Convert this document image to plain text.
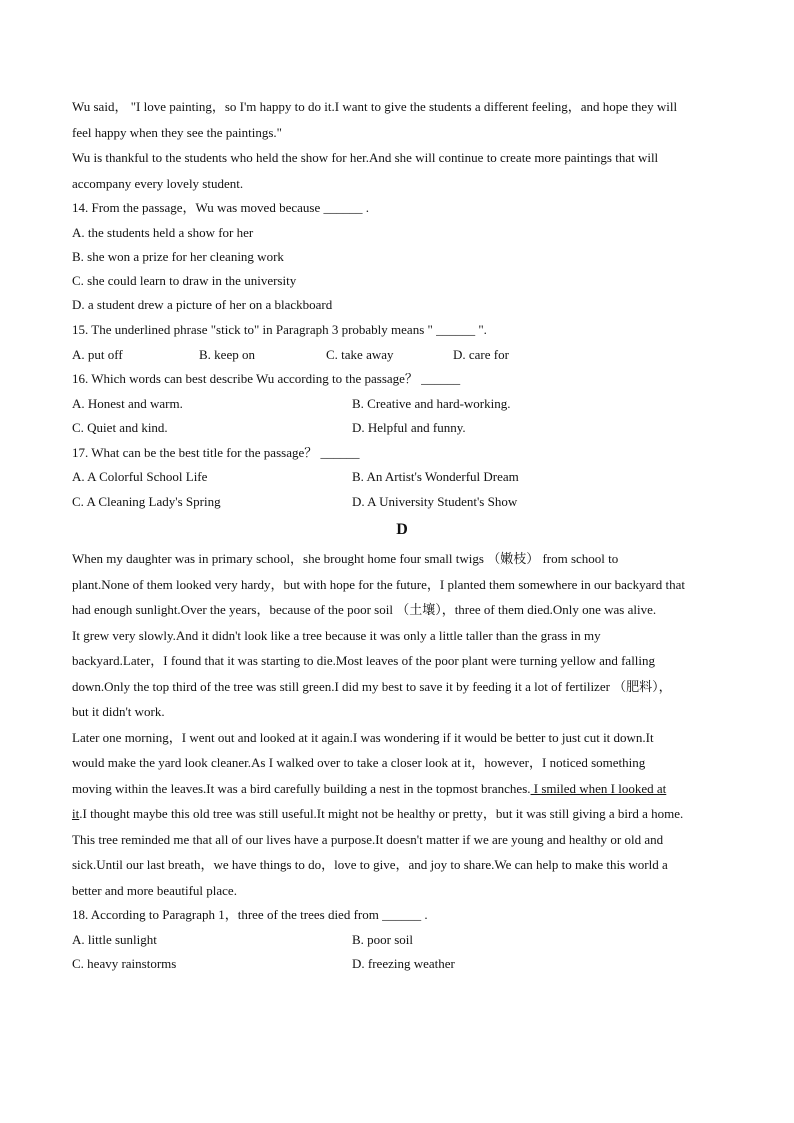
Wu said， "I love painting，so I'm happy to do it.I want to give the students a different feeling，and hope they will

feel happy when they see the paintings."

Wu is thankful to the students who held the show for her.And she will continue to create more paintings that will

accompany every lovely student.

14. From the passage，Wu was moved because ______ .

A. the students held a show for her

B. she won a prize for her cleaning work

C. she could learn to draw in the university

D. a student drew a picture of her on a blackboard

15. The underlined phrase "stick to" in Paragraph 3 probably means " ______ ".

A. put off	B. keep on	C. take away	D. care for

16. Which words can best describe Wu according to the passage？ ______

A. Honest and warm.	B. Creative and hard-working.
C. Quiet and kind.	D. Helpful and funny.

17. What can be the best title for the passage？ ______

A. A Colorful School Life	B. An Artist's Wonderful Dream
C. A Cleaning Lady's Spring	D. A University Student's Show

D

When my daughter was in primary school，she brought home four small twigs （嫩枝） from school to

plant.None of them looked very hardy，but with hope for the future，I planted them somewhere in our backyard that

had enough sunlight.Over the years，because of the poor soil （土壤），three of them died.Only one was alive.

It grew very slowly.And it didn't look like a tree because it was only a little taller than the grass in my

backyard.Later，I found that it was starting to die.Most leaves of the poor plant were turning yellow and falling

down.Only the top third of the tree was still green.I did my best to save it by feeding it a lot of fertilizer （肥料），

but it didn't work.

Later one morning，I went out and looked at it again.I was wondering if it would be better to just cut it down.It

would make the yard look cleaner.As I walked over to take a closer look at it，however，I noticed something

moving within the leaves.It was a bird carefully building a nest in the topmost branches. I smiled when I looked at

it.I thought maybe this old tree was still useful.It might not be healthy or pretty，but it was still giving a bird a home.

This tree reminded me that all of our lives have a purpose.It doesn't matter if we are young and healthy or old and

sick.Until our last breath，we have things to do，love to give，and joy to share.We can help to make this world a

better and more beautiful place.

18. According to Paragraph 1，three of the trees died from ______ .

A. little sunlight	B. poor soil
C. heavy rainstorms	D. freezing weather
